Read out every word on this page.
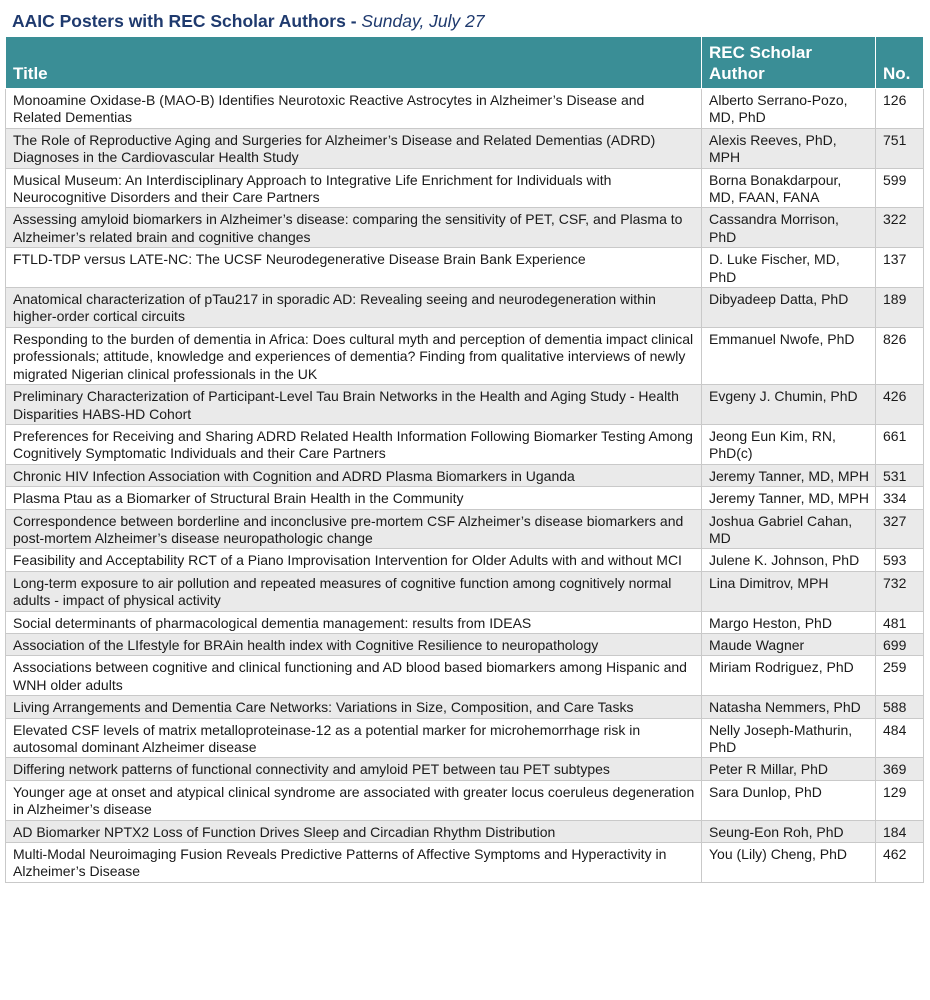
AAIC Posters with REC Scholar Authors - Sunday, July 27
Title	REC Scholar Author	No.
Monoamine Oxidase-B (MAO-B) Identifies Neurotoxic Reactive Astrocytes in Alzheimer’s Disease and Related Dementias	Alberto Serrano-Pozo, MD, PhD	126
The Role of Reproductive Aging and Surgeries for Alzheimer’s Disease and Related Dementias (ADRD) Diagnoses in the Cardiovascular Health Study	Alexis Reeves, PhD, MPH	751
Musical Museum: An Interdisciplinary Approach to Integrative Life Enrichment for Individuals with Neurocognitive Disorders and their Care Partners	Borna Bonakdarpour, MD, FAAN, FANA	599
Assessing amyloid biomarkers in Alzheimer’s disease: comparing the sensitivity of PET, CSF, and Plasma to Alzheimer’s related brain and cognitive changes	Cassandra Morrison, PhD	322
FTLD-TDP versus LATE-NC: The UCSF Neurodegenerative Disease Brain Bank Experience	D. Luke Fischer, MD, PhD	137
Anatomical characterization of pTau217 in sporadic AD: Revealing seeing and neurodegeneration within higher-order cortical circuits	Dibyadeep Datta, PhD	189
Responding to the burden of dementia in Africa: Does cultural myth and perception of dementia impact clinical professionals; attitude, knowledge and experiences of dementia? Finding from qualitative interviews of newly migrated Nigerian clinical professionals in the UK	Emmanuel Nwofe, PhD	826
Preliminary Characterization of Participant-Level Tau Brain Networks in the Health and Aging Study - Health Disparities HABS-HD Cohort	Evgeny J. Chumin, PhD	426
Preferences for Receiving and Sharing ADRD Related Health Information Following Biomarker Testing Among Cognitively Symptomatic Individuals and their Care Partners	Jeong Eun Kim, RN, PhD(c)	661
Chronic HIV Infection Association with Cognition and ADRD Plasma Biomarkers in Uganda	Jeremy Tanner, MD, MPH	531
Plasma Ptau as a Biomarker of Structural Brain Health in the Community	Jeremy Tanner, MD, MPH	334
Correspondence between borderline and inconclusive pre-mortem CSF Alzheimer’s disease biomarkers and post-mortem Alzheimer’s disease neuropathologic change	Joshua Gabriel Cahan, MD	327
Feasibility and Acceptability RCT of a Piano Improvisation Intervention for Older Adults with and without MCI	Julene K. Johnson, PhD	593
Long-term exposure to air pollution and repeated measures of cognitive function among cognitively normal adults - impact of physical activity	Lina Dimitrov, MPH	732
Social determinants of pharmacological dementia management: results from IDEAS	Margo Heston, PhD	481
Association of the LIfestyle for BRAin health index with Cognitive Resilience to neuropathology	Maude Wagner	699
Associations between cognitive and clinical functioning and AD blood based biomarkers among Hispanic and WNH older adults	Miriam Rodriguez, PhD	259
Living Arrangements and Dementia Care Networks: Variations in Size, Composition, and Care Tasks	Natasha Nemmers, PhD	588
Elevated CSF levels of matrix metalloproteinase-12 as a potential marker for microhemorrhage risk in autosomal dominant Alzheimer disease	Nelly Joseph-Mathurin, PhD	484
Differing network patterns of functional connectivity and amyloid PET between tau PET subtypes	Peter R Millar, PhD	369
Younger age at onset and atypical clinical syndrome are associated with greater locus coeruleus degeneration in Alzheimer’s disease	Sara Dunlop, PhD	129
AD Biomarker NPTX2 Loss of Function Drives Sleep and Circadian Rhythm Distribution	Seung-Eon Roh, PhD	184
Multi-Modal Neuroimaging Fusion Reveals Predictive Patterns of Affective Symptoms and Hyperactivity in Alzheimer’s Disease	You (Lily) Cheng, PhD	462
